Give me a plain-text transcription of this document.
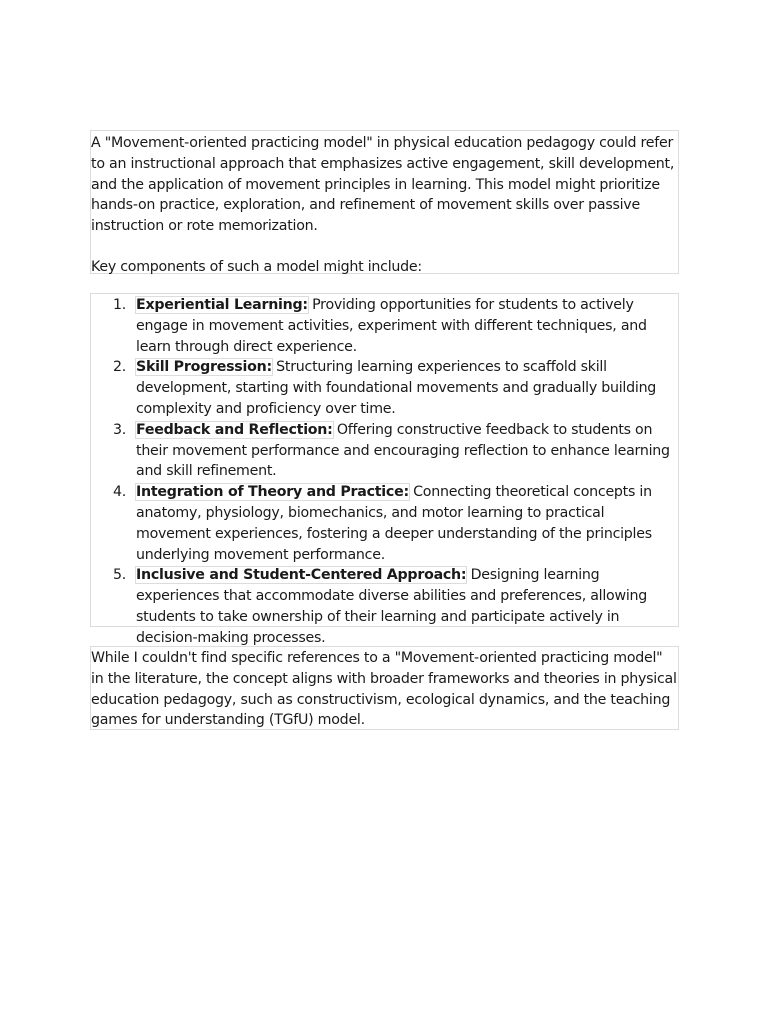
A "Movement-oriented practicing model" in physical education pedagogy could refer to an instructional approach that emphasizes active engagement, skill development, and the application of movement principles in learning. This model might prioritize hands-on practice, exploration, and refinement of movement skills over passive instruction or rote memorization.

Key components of such a model might include:

1. Experiential Learning: Providing opportunities for students to actively engage in movement activities, experiment with different techniques, and learn through direct experience.
2. Skill Progression: Structuring learning experiences to scaffold skill development, starting with foundational movements and gradually building complexity and proficiency over time.
3. Feedback and Reflection: Offering constructive feedback to students on their movement performance and encouraging reflection to enhance learning and skill refinement.
4. Integration of Theory and Practice: Connecting theoretical concepts in anatomy, physiology, biomechanics, and motor learning to practical movement experiences, fostering a deeper understanding of the principles underlying movement performance.
5. Inclusive and Student-Centered Approach: Designing learning experiences that accommodate diverse abilities and preferences, allowing students to take ownership of their learning and participate actively in decision-making processes.

While I couldn't find specific references to a "Movement-oriented practicing model" in the literature, the concept aligns with broader frameworks and theories in physical education pedagogy, such as constructivism, ecological dynamics, and the teaching games for understanding (TGfU) model.
